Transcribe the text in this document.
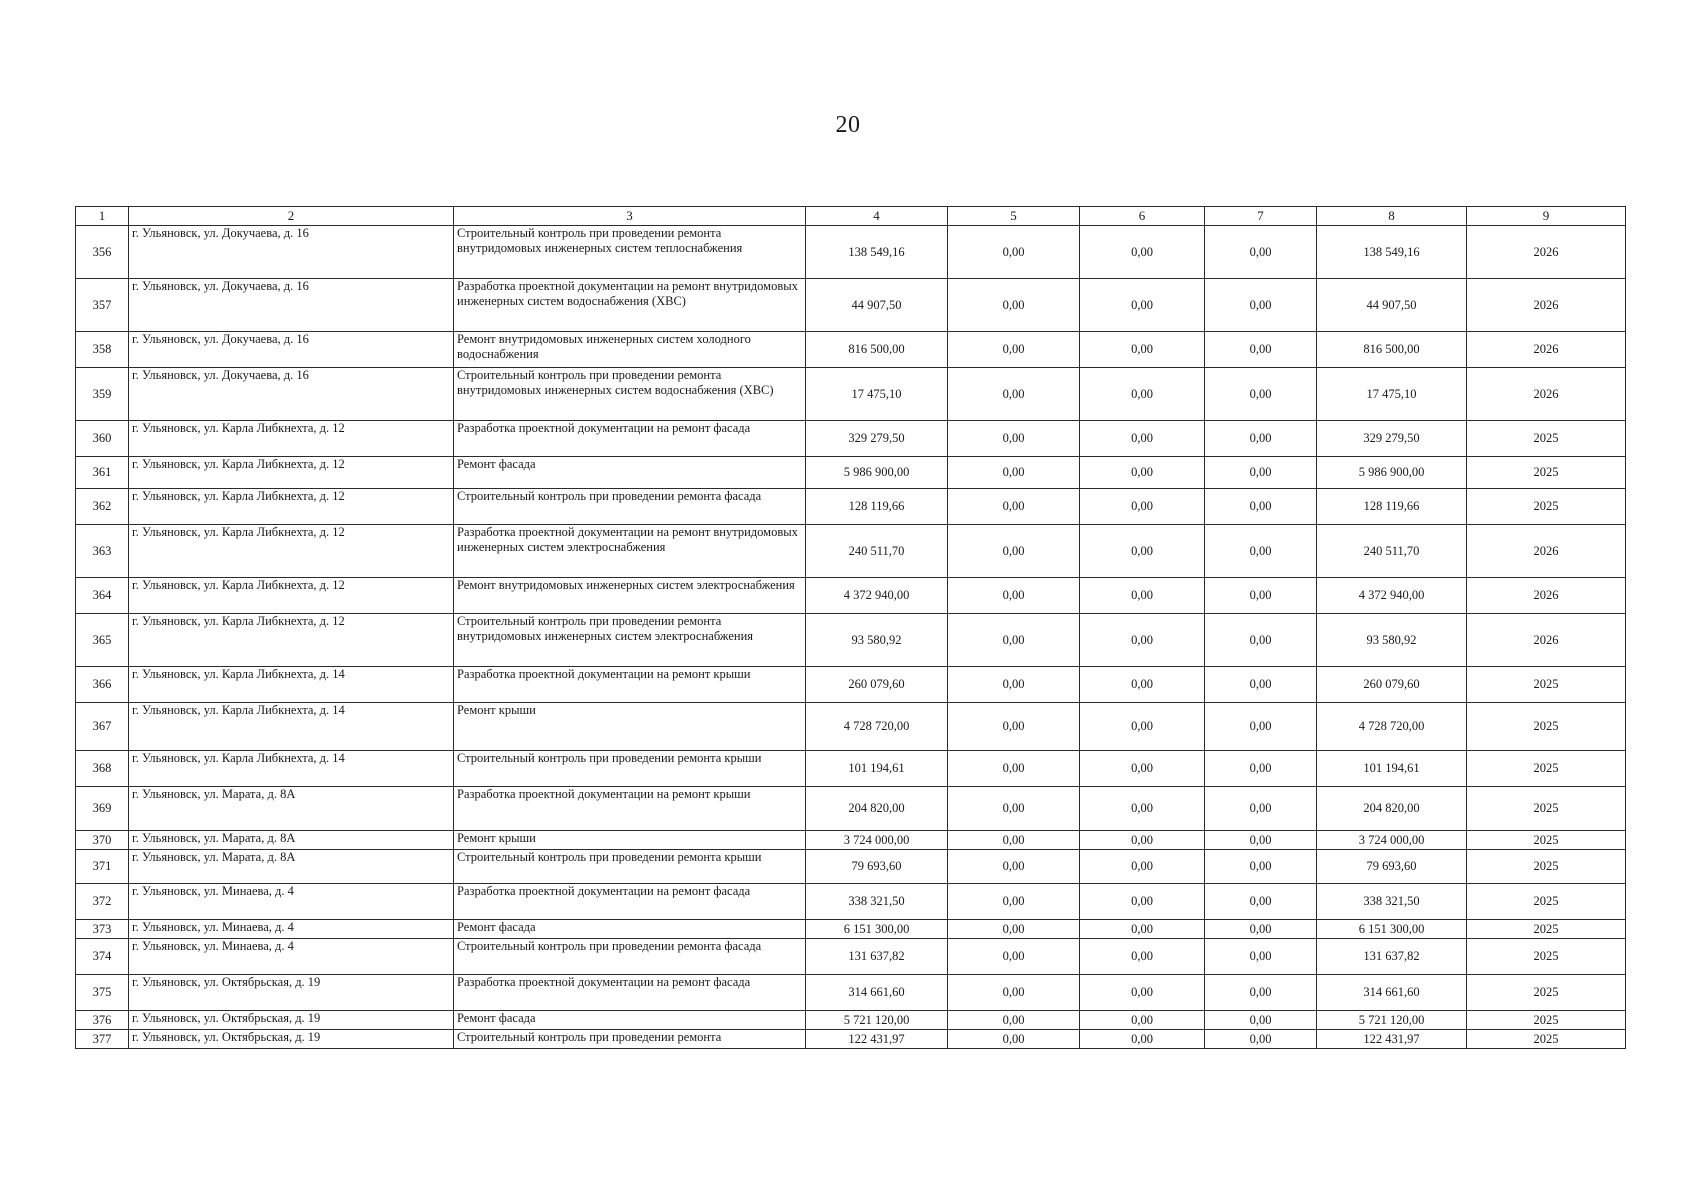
20
1	2	3	4	5	6	7	8	9
356	г. Ульяновск, ул. Докучаева, д. 16	Строительный контроль при проведении ремонта внутридомовых инженерных систем теплоснабжения	138 549,16	0,00	0,00	0,00	138 549,16	2026
357	г. Ульяновск, ул. Докучаева, д. 16	Разработка проектной документации на ремонт внутридомовых инженерных систем водоснабжения (ХВС)	44 907,50	0,00	0,00	0,00	44 907,50	2026
358	г. Ульяновск, ул. Докучаева, д. 16	Ремонт внутридомовых инженерных систем холодного водоснабжения	816 500,00	0,00	0,00	0,00	816 500,00	2026
359	г. Ульяновск, ул. Докучаева, д. 16	Строительный контроль при проведении ремонта внутридомовых инженерных систем водоснабжения (ХВС)	17 475,10	0,00	0,00	0,00	17 475,10	2026
360	г. Ульяновск, ул. Карла Либкнехта, д. 12	Разработка проектной документации на ремонт фасада	329 279,50	0,00	0,00	0,00	329 279,50	2025
361	г. Ульяновск, ул. Карла Либкнехта, д. 12	Ремонт фасада	5 986 900,00	0,00	0,00	0,00	5 986 900,00	2025
362	г. Ульяновск, ул. Карла Либкнехта, д. 12	Строительный контроль при проведении ремонта фасада	128 119,66	0,00	0,00	0,00	128 119,66	2025
363	г. Ульяновск, ул. Карла Либкнехта, д. 12	Разработка проектной документации на ремонт внутридомовых инженерных систем электроснабжения	240 511,70	0,00	0,00	0,00	240 511,70	2026
364	г. Ульяновск, ул. Карла Либкнехта, д. 12	Ремонт внутридомовых инженерных систем электроснабжения	4 372 940,00	0,00	0,00	0,00	4 372 940,00	2026
365	г. Ульяновск, ул. Карла Либкнехта, д. 12	Строительный контроль при проведении ремонта внутридомовых инженерных систем электроснабжения	93 580,92	0,00	0,00	0,00	93 580,92	2026
366	г. Ульяновск, ул. Карла Либкнехта, д. 14	Разработка проектной документации на ремонт крыши	260 079,60	0,00	0,00	0,00	260 079,60	2025
367	г. Ульяновск, ул. Карла Либкнехта, д. 14	Ремонт крыши	4 728 720,00	0,00	0,00	0,00	4 728 720,00	2025
368	г. Ульяновск, ул. Карла Либкнехта, д. 14	Строительный контроль при проведении ремонта крыши	101 194,61	0,00	0,00	0,00	101 194,61	2025
369	г. Ульяновск, ул. Марата, д. 8А	Разработка проектной документации на ремонт крыши	204 820,00	0,00	0,00	0,00	204 820,00	2025
370	г. Ульяновск, ул. Марата, д. 8А	Ремонт крыши	3 724 000,00	0,00	0,00	0,00	3 724 000,00	2025
371	г. Ульяновск, ул. Марата, д. 8А	Строительный контроль при проведении ремонта крыши	79 693,60	0,00	0,00	0,00	79 693,60	2025
372	г. Ульяновск, ул. Минаева, д. 4	Разработка проектной документации на ремонт фасада	338 321,50	0,00	0,00	0,00	338 321,50	2025
373	г. Ульяновск, ул. Минаева, д. 4	Ремонт фасада	6 151 300,00	0,00	0,00	0,00	6 151 300,00	2025
374	г. Ульяновск, ул. Минаева, д. 4	Строительный контроль при проведении ремонта фасада	131 637,82	0,00	0,00	0,00	131 637,82	2025
375	г. Ульяновск, ул. Октябрьская, д. 19	Разработка проектной документации на ремонт фасада	314 661,60	0,00	0,00	0,00	314 661,60	2025
376	г. Ульяновск, ул. Октябрьская, д. 19	Ремонт фасада	5 721 120,00	0,00	0,00	0,00	5 721 120,00	2025
377	г. Ульяновск, ул. Октябрьская, д. 19	Строительный контроль при проведении ремонта	122 431,97	0,00	0,00	0,00	122 431,97	2025
